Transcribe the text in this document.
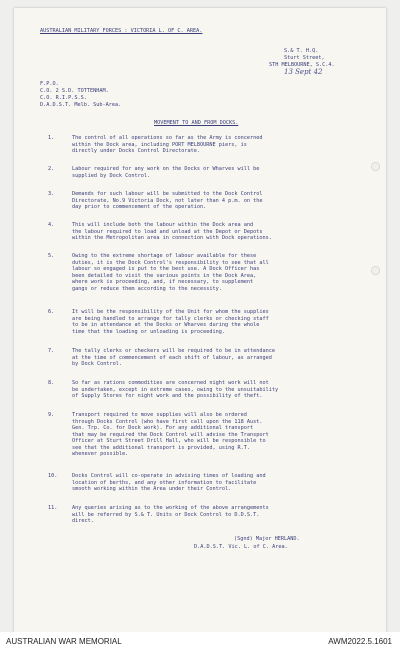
AUSTRALIAN MILITARY FORCES : VICTORIA L. OF C. AREA.
S.& T. H.Q.
Sturt Street,
STH MELBOURNE, S.C.4.
13 Sept 42
F.P.O.
C.O. 2 S.D. TOTTENHAM.
C.O. R.I.P.S.S.
D.A.D.S.T. Melb. Sub-Area.
MOVEMENT TO AND FROM DOCKS.
1.	The control of all operations so far as the Army is concerned
within the Dock area, including PORT MELBOURNE piers, is
directly under Docks Control Directorate.
2.	Labour required for any work on the Docks or Wharves will be
supplied by Dock Control.
3.	Demands for such labour will be submitted to the Dock Control
Directorate, No.9 Victoria Dock, not later than 4 p.m. on the
day prior to commencement of the operation.
4.	This will include both the labour within the Dock area and
the labour required to load and unload at the Depot or Depots
within the Metropolitan area in connection with Dock operations.
5.	Owing to the extreme shortage of labour available for these
duties, it is the Dock Control's responsibility to see that all
labour so engaged is put to the best use. A Dock Officer has
been detailed to visit the various points in the Dock Area,
where work is proceeding, and, if necessary, to supplement
gangs or reduce them according to the necessity.
6.	It will be the responsibility of the Unit for whom the supplies
are being handled to arrange for tally clerks or checking staff
to be in attendance at the Docks or Wharves during the whole
time that the loading or unloading is proceeding.
7.	The tally clerks or checkers will be required to be in attendance
at the time of commencement of each shift of labour, as arranged
by Dock Control.
8.	So far as rations commodities are concerned night work will not
be undertaken, except in extreme cases, owing to the unsuitability
of Supply Stores for night work and the possibility of theft.
9.	Transport required to move supplies will also be ordered
through Docks Control (who have first call upon the 118 Aust.
Gen. Trp. Co. for Dock work). For any additional transport
that may be required the Dock Control will advise the Transport
Officer at Sturt Street Drill Hall, who will be responsible to
see that the additional transport is provided, using R.T.
whenever possible.
10.	Docks Control will co-operate in advising times of loading and
location of berths, and any other information to facilitate
smooth working within the Area under their Control.
11.	Any queries arising as to the working of the above arrangements
will be referred by S.& T. Units or Dock Control to D.D.S.T.
direct.
(Sgnd) Major HERLAND.
D.A.D.S.T. Vic. L. of C. Area.
AUSTRALIAN WAR MEMORIAL	AWM2022.5.1601
